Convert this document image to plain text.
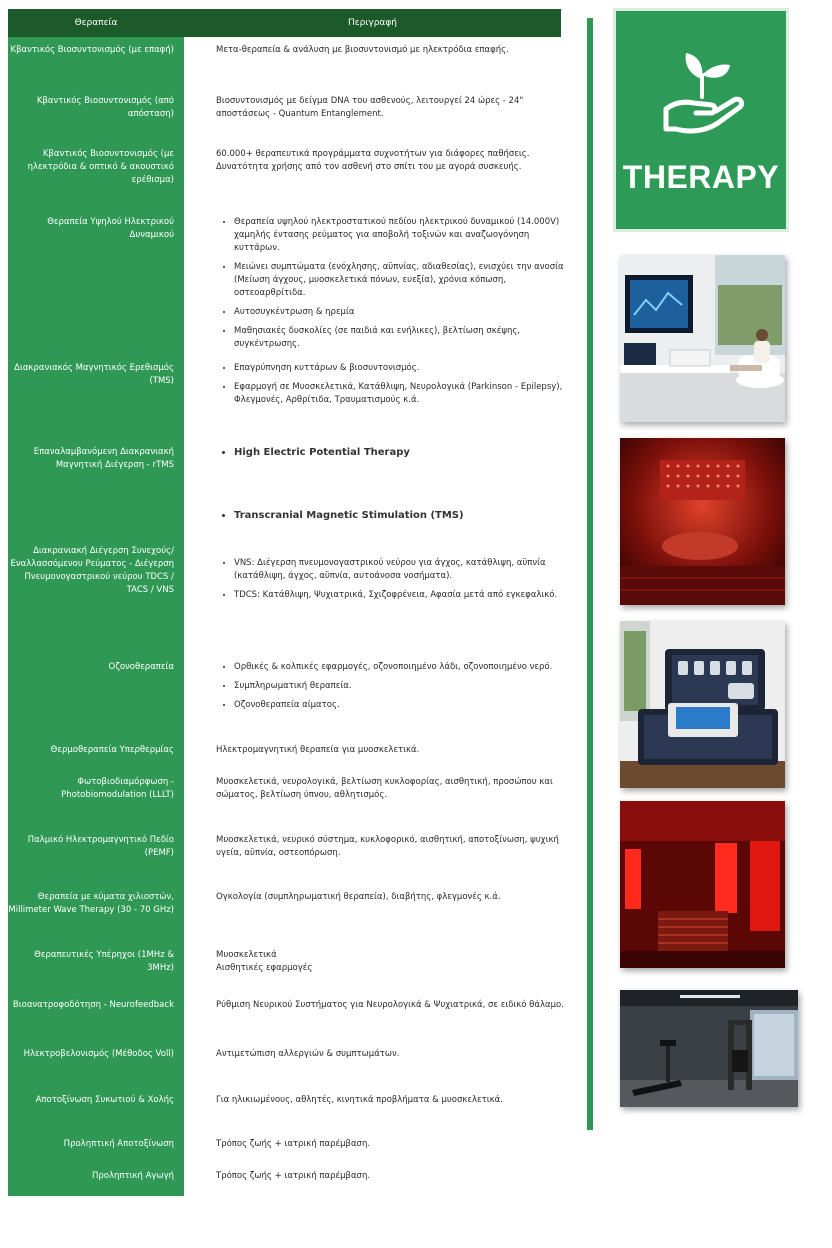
Θεραπεία	Περιγραφή
Κβαντικός Βιοσυντονισμός (με επαφή)	Μετα-θεραπεία & ανάλυση με βιοσυντονισμό με ηλεκτρόδια επαφής.
Κβαντικός Βιοσυντονισμός (από απόσταση)
Βιοσυντονισμός με δείγμα DNA του ασθενούς, λειτουργεί 24 ώρες - 24" αποστάσεως - Quantum Entanglement.
Κβαντικός Βιοσυντονισμός (με ηλεκτρόδια & οπτικό & ακουστικό ερέθισμα)
60.000+ θεραπευτικά προγράμματα συχνοτήτων για διάφορες παθήσεις. Δυνατότητα χρήσης από τον ασθενή στο σπίτι του με αγορά συσκευής.
Θεραπεία Υψηλού Ηλεκτρικού Δυναμικού
• Θεραπεία υψηλού ηλεκτροστατικού πεδίου ηλεκτρικού δυναμικού (14.000V) χαμηλής έντασης ρεύματος για αποβολή τοξινών και αναζωογόνηση κυττάρων.
• Μειώνει συμπτώματα (ενόχλησης, αϋπνίας, αδιαθεσίας), ενισχύει την ανοσία (Μείωση άγχους, μυοσκελετικά πόνων, ευεξία), χρόνια κόπωση, οστεοαρθρίτιδα.
• Αυτοσυγκέντρωση & ηρεμία
• Μαθησιακές δυσκολίες (σε παιδιά και ενήλικες), βελτίωση σκέψης, συγκέντρωσης.
Διακρανιακός Μαγνητικός Ερεθισμός (TMS)
• Επαγρύπνηση κυττάρων & βιοσυντονισμός.
• Εφαρμογή σε Μυοσκελετικά, Κατάθλιψη, Νευρολογικά (Parkinson - Epilepsy), Φλεγμονές, Αρθρίτιδα, Τραυματισμούς κ.ά.
Επαναλαμβανόμενη Διακρανιακή Μαγνητική Διέγερση - rTMS
• High Electric Potential Therapy
• Transcranial Magnetic Stimulation (TMS)
Διακρανιακή Διέγερση Συνεχούς/Εναλλασσόμενου Ρεύματος - Διέγερση Πνευμονογαστρικού νεύρου TDCS / TACS / VNS
• VNS: Διέγερση πνευμονογαστρικού νεύρου για άγχος, κατάθλιψη, αϋπνία (κατάθλιψη, άγχος, αϋπνία, αυτοάνοσα νοσήματα).
• TDCS: Κατάθλιψη, Ψυχιατρικά, Σχιζοφρένεια, Αφασία μετά από εγκεφαλικό.
Οζονοθεραπεία
•	Ορθικές & κολπικές εφαρμογές, οζονοποιημένο λάδι, οζονοποιημένο νερό.
• Συμπληρωματική θεραπεία.
• Οζονοθεραπεία αίματος.
Θερμοθεραπεία Υπερθερμίας	Ηλεκτρομαγνητική θεραπεία για μυοσκελετικά.
Φωτοβιοδιαμόρφωση - Photobiomodulation (LLLT)
Μυοσκελετικά, νευρολογικά, βελτίωση κυκλοφορίας, αισθητική, προσώπου και σώματος, βελτίωση ύπνου, αθλητισμός.
Παλμικό Ηλεκτρομαγνητικό Πεδίο (PEMF)
Μυοσκελετικά, νευρικό σύστημα, κυκλοφορικό, αισθητική, αποτοξίνωση, ψυχική υγεία, αϋπνία, οστεοπόρωση.
Θεραπεία με κύματα χιλιοστών, Millimeter Wave Therapy (30 - 70 GHz)
Ογκολογία (συμπληρωματική θεραπεία), διαβήτης, φλεγμονές κ.ά.
Θεραπευτικές Υπέρηχοι (1MHz & 3MHz)
Μυοσκελετικά
Αισθητικές εφαρμογές
Βιοανατροφοδότηση - Neurofeedback	Ρύθμιση Νευρικού Συστήματος για Νευρολογικά & Ψυχιατρικά, σε ειδικό θάλαμο.
Ηλεκτροβελονισμός (Μέθοδος Voll)	Αντιμετώπιση αλλεργιών & συμπτωμάτων.
Αποτοξίνωση Συκωτιού & Χολής	Για ηλικιωμένους, αθλητές, κινητικά προβλήματα & μυοσκελετικά.
Προληπτική Αποτοξίνωση	Τρόπος ζωής + ιατρική παρέμβαση.
Προληπτική Αγωγή	Τρόπος ζωής + ιατρική παρέμβαση.
THERAPY
